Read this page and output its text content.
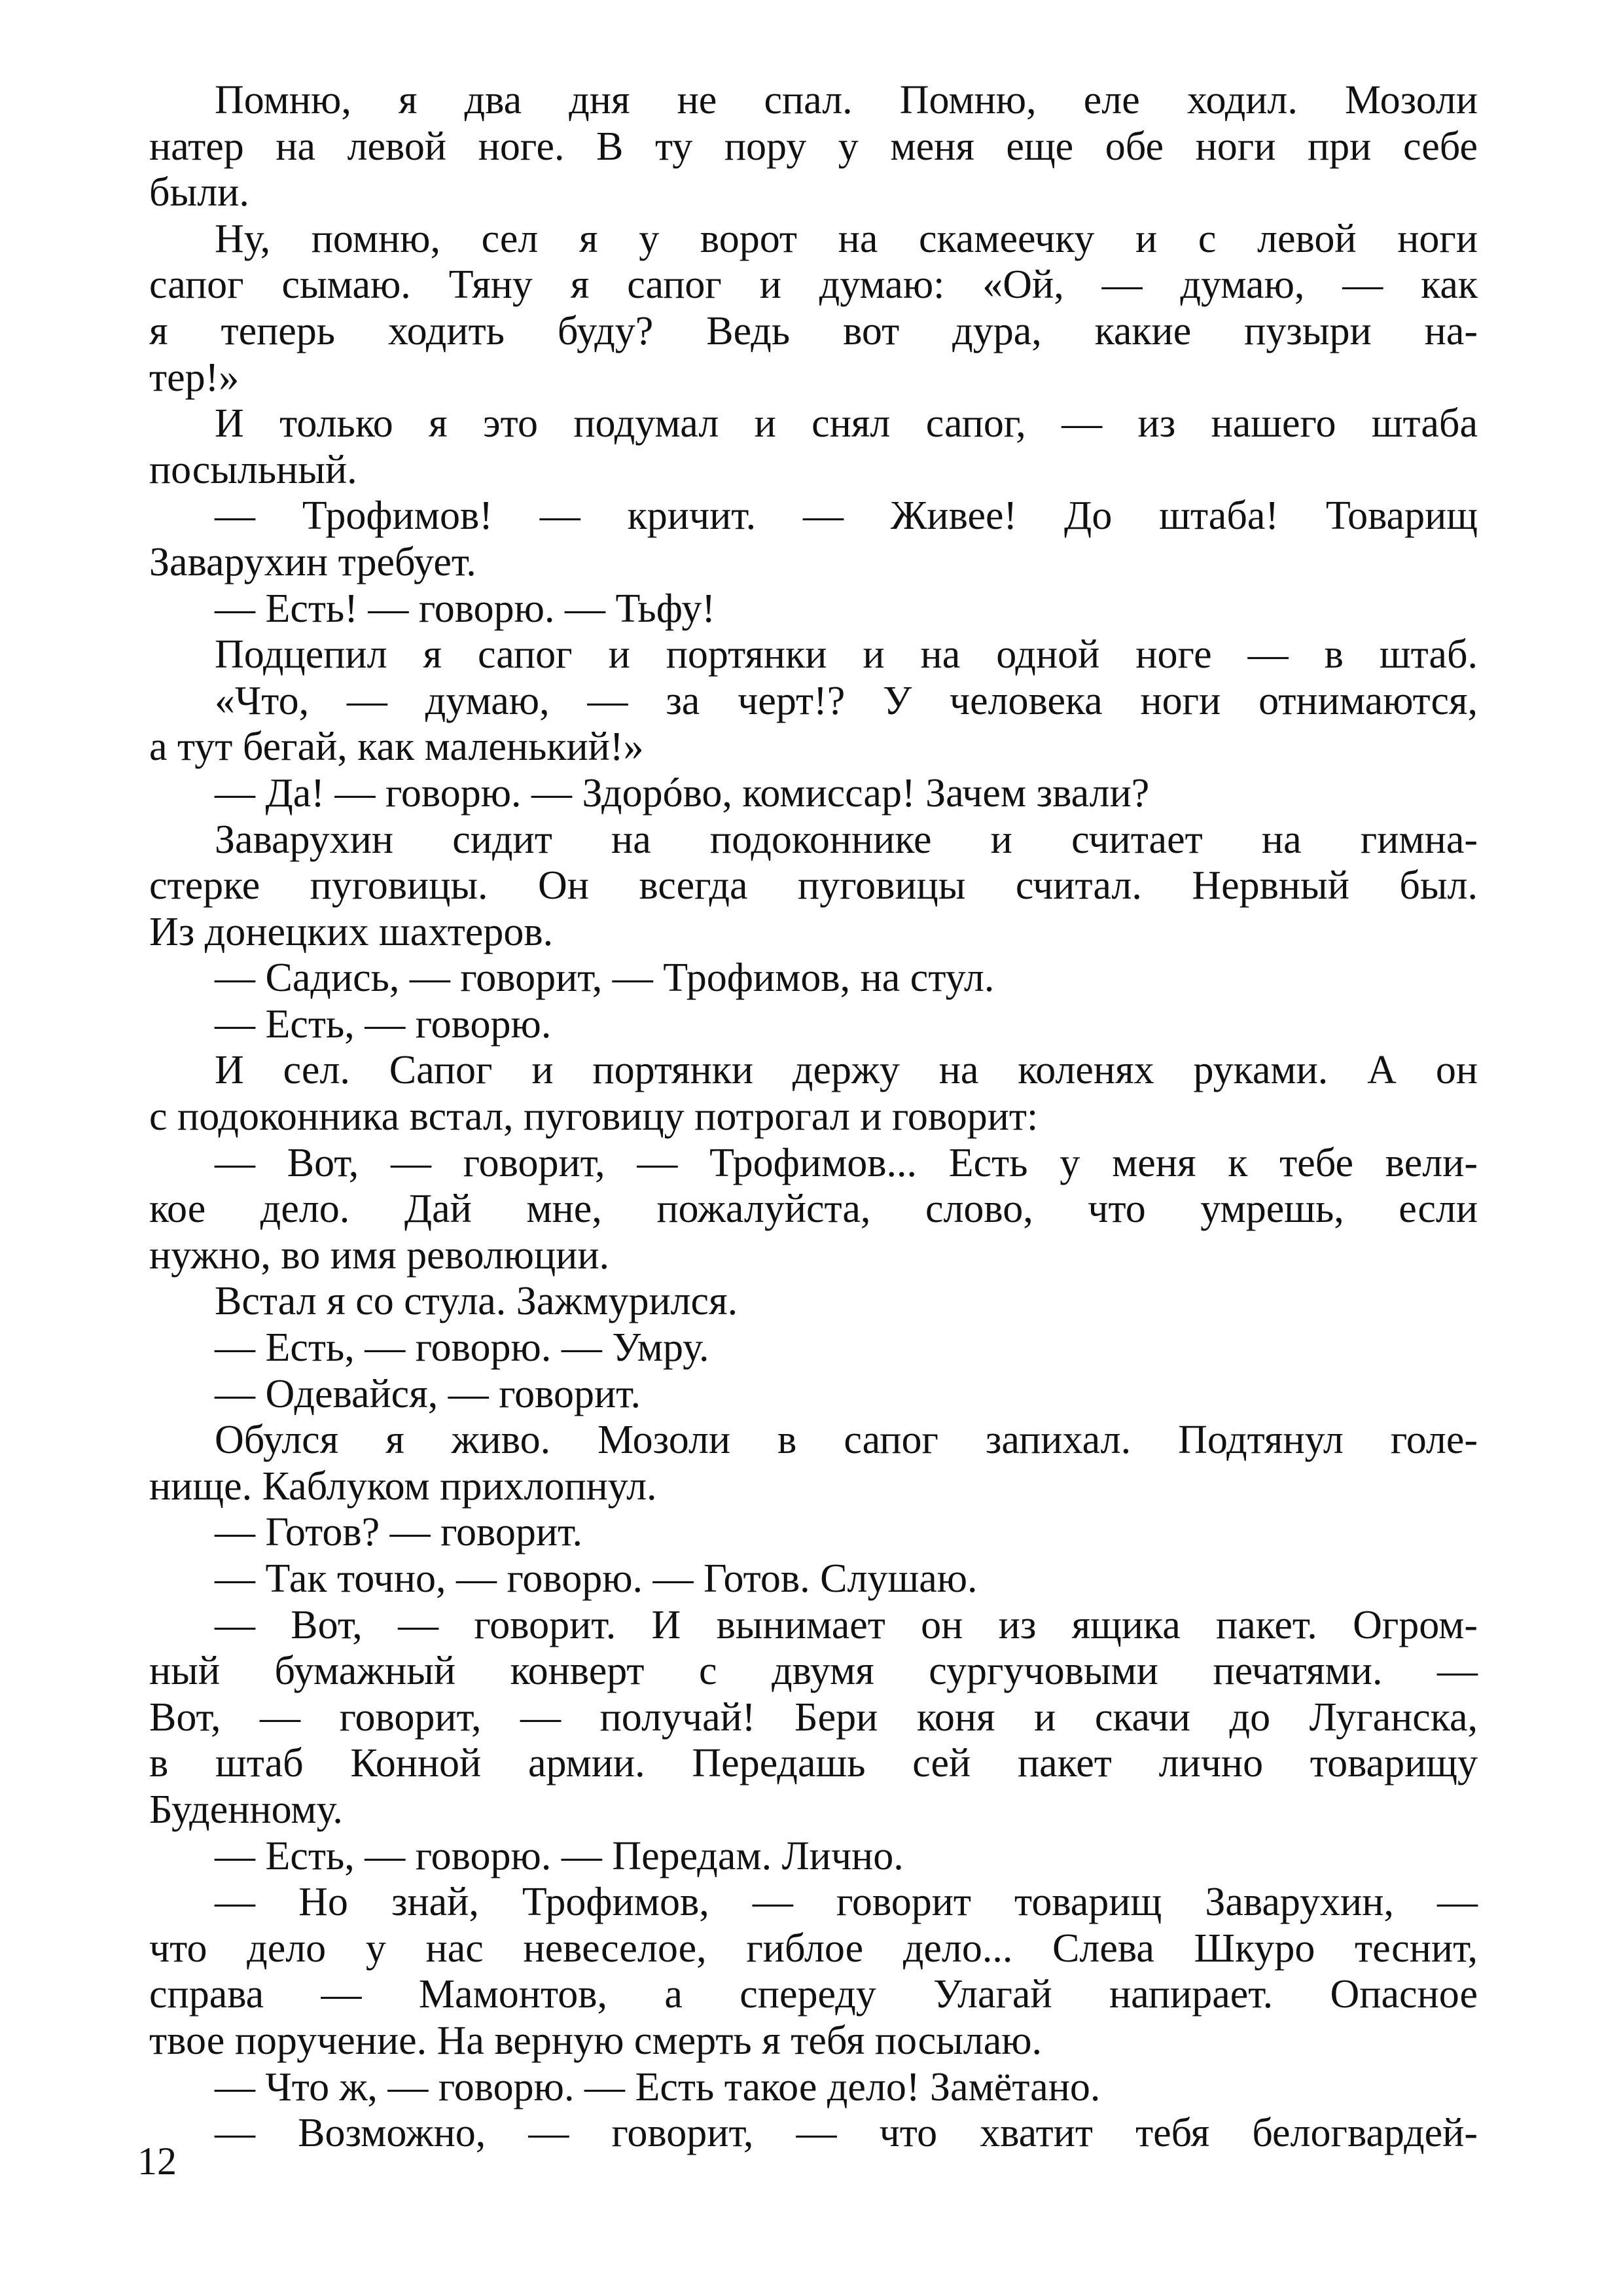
Помню, я два дня не спал. Помню, еле ходил. Мозоли
натер на левой ноге. В ту пору у меня еще обе ноги при себе
были.
Ну, помню, сел я у ворот на скамеечку и с левой ноги
сапог сымаю. Тяну я сапог и думаю: «Ой, — думаю, — как
я теперь ходить буду? Ведь вот дура, какие пузыри на-
тер!»
И только я это подумал и снял сапог, — из нашего штаба
посыльный.
— Трофимов! — кричит. — Живее! До штаба! Товарищ
Заварухин требует.
— Есть! — говорю. — Тьфу!
Подцепил я сапог и портянки и на одной ноге — в штаб.
«Что, — думаю, — за черт!? У человека ноги отнимаются,
а тут бегай, как маленький!»
— Да! — говорю. — Здорóво, комиссар! Зачем звали?
Заварухин сидит на подоконнике и считает на гимна-
стерке пуговицы. Он всегда пуговицы считал. Нервный был.
Из донецких шахтеров.
— Садись, — говорит, — Трофимов, на стул.
— Есть, — говорю.
И сел. Сапог и портянки держу на коленях руками. А он
с подоконника встал, пуговицу потрогал и говорит:
— Вот, — говорит, — Трофимов... Есть у меня к тебе вели-
кое дело. Дай мне, пожалуйста, слово, что умрешь, если
нужно, во имя революции.
Встал я со стула. Зажмурился.
— Есть, — говорю. — Умру.
— Одевайся, — говорит.
Обулся я живо. Мозоли в сапог запихал. Подтянул голе-
нище. Каблуком прихлопнул.
— Готов? — говорит.
— Так точно, — говорю. — Готов. Слушаю.
— Вот, — говорит. И вынимает он из ящика пакет. Огром-
ный бумажный конверт с двумя сургучовыми печатями. —
Вот, — говорит, — получай! Бери коня и скачи до Луганска,
в штаб Конной армии. Передашь сей пакет лично товарищу
Буденному.
— Есть, — говорю. — Передам. Лично.
— Но знай, Трофимов, — говорит товарищ Заварухин, —
что дело у нас невеселое, гиблое дело... Слева Шкуро теснит,
справа — Мамонтов, а спереду Улагай напирает. Опасное
твое поручение. На верную смерть я тебя посылаю.
— Что ж, — говорю. — Есть такое дело! Замётано.
— Возможно, — говорит, — что хватит тебя белогвардей-
12
